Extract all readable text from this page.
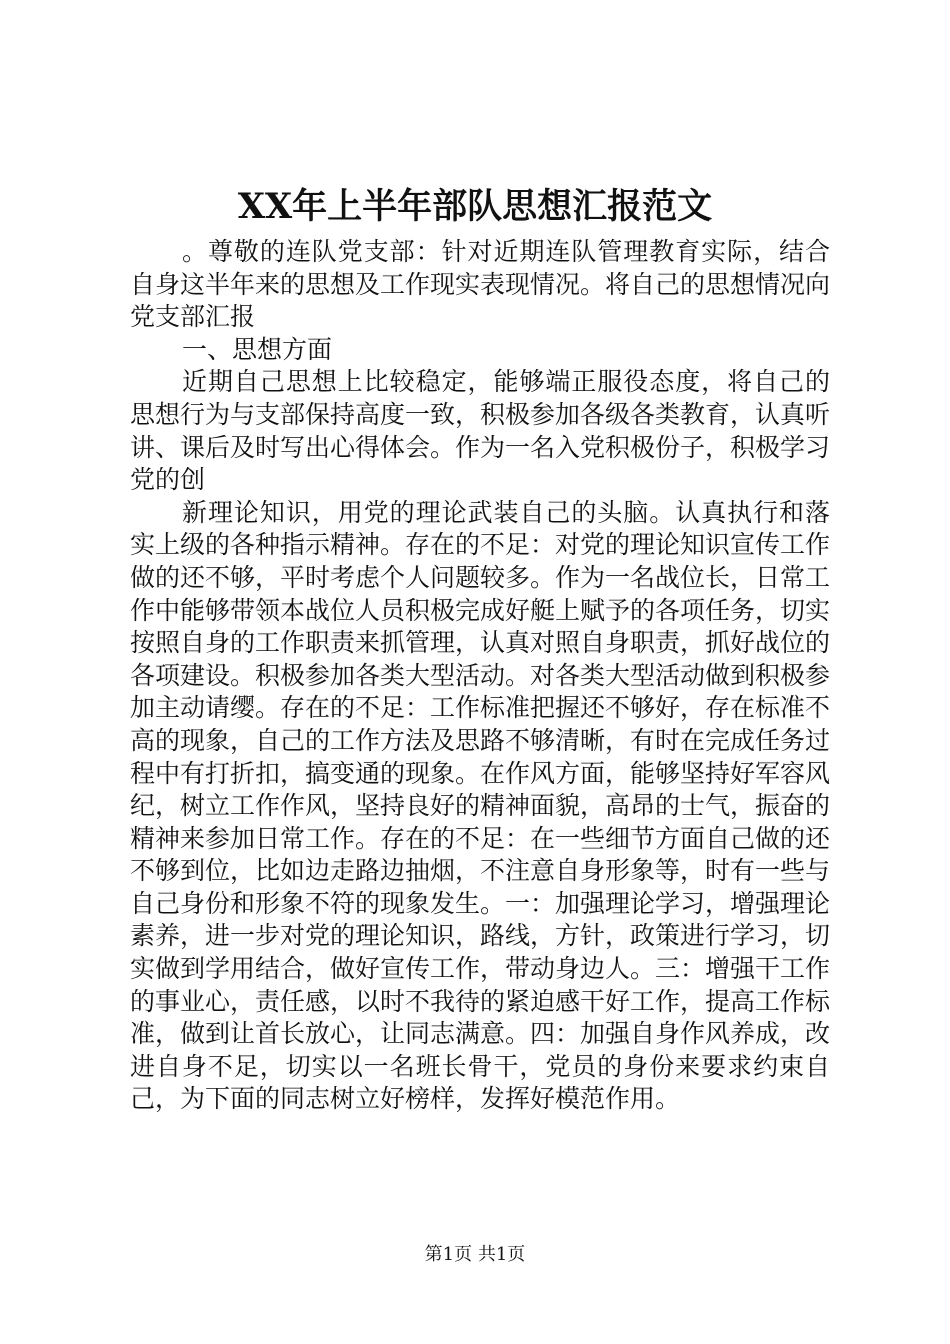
XX年上半年部队思想汇报范文

。尊敬的连队党支部：针对近期连队管理教育实际，结合自身这半年来的思想及工作现实表现情况。将自己的思想情况向党支部汇报

一、思想方面

近期自己思想上比较稳定，能够端正服役态度，将自己的思想行为与支部保持高度一致，积极参加各级各类教育，认真听讲、课后及时写出心得体会。作为一名入党积极份子，积极学习党的创

新理论知识，用党的理论武装自己的头脑。认真执行和落实上级的各种指示精神。存在的不足：对党的理论知识宣传工作做的还不够，平时考虑个人问题较多。作为一名战位长，日常工作中能够带领本战位人员积极完成好艇上赋予的各项任务，切实按照自身的工作职责来抓管理，认真对照自身职责，抓好战位的各项建设。积极参加各类大型活动。对各类大型活动做到积极参加主动请缨。存在的不足：工作标准把握还不够好，存在标准不高的现象，自己的工作方法及思路不够清晰，有时在完成任务过程中有打折扣，搞变通的现象。在作风方面，能够坚持好军容风纪，树立工作作风，坚持良好的精神面貌，高昂的士气，振奋的精神来参加日常工作。存在的不足：在一些细节方面自己做的还不够到位，比如边走路边抽烟，不注意自身形象等，时有一些与自己身份和形象不符的现象发生。一：加强理论学习，增强理论素养，进一步对党的理论知识，路线，方针，政策进行学习，切实做到学用结合，做好宣传工作，带动身边人。三：增强干工作的事业心，责任感，以时不我待的紧迫感干好工作，提高工作标准，做到让首长放心，让同志满意。四：加强自身作风养成，改进自身不足，切实以一名班长骨干，党员的身份来要求约束自己，为下面的同志树立好榜样，发挥好模范作用。

第1页 共1页
